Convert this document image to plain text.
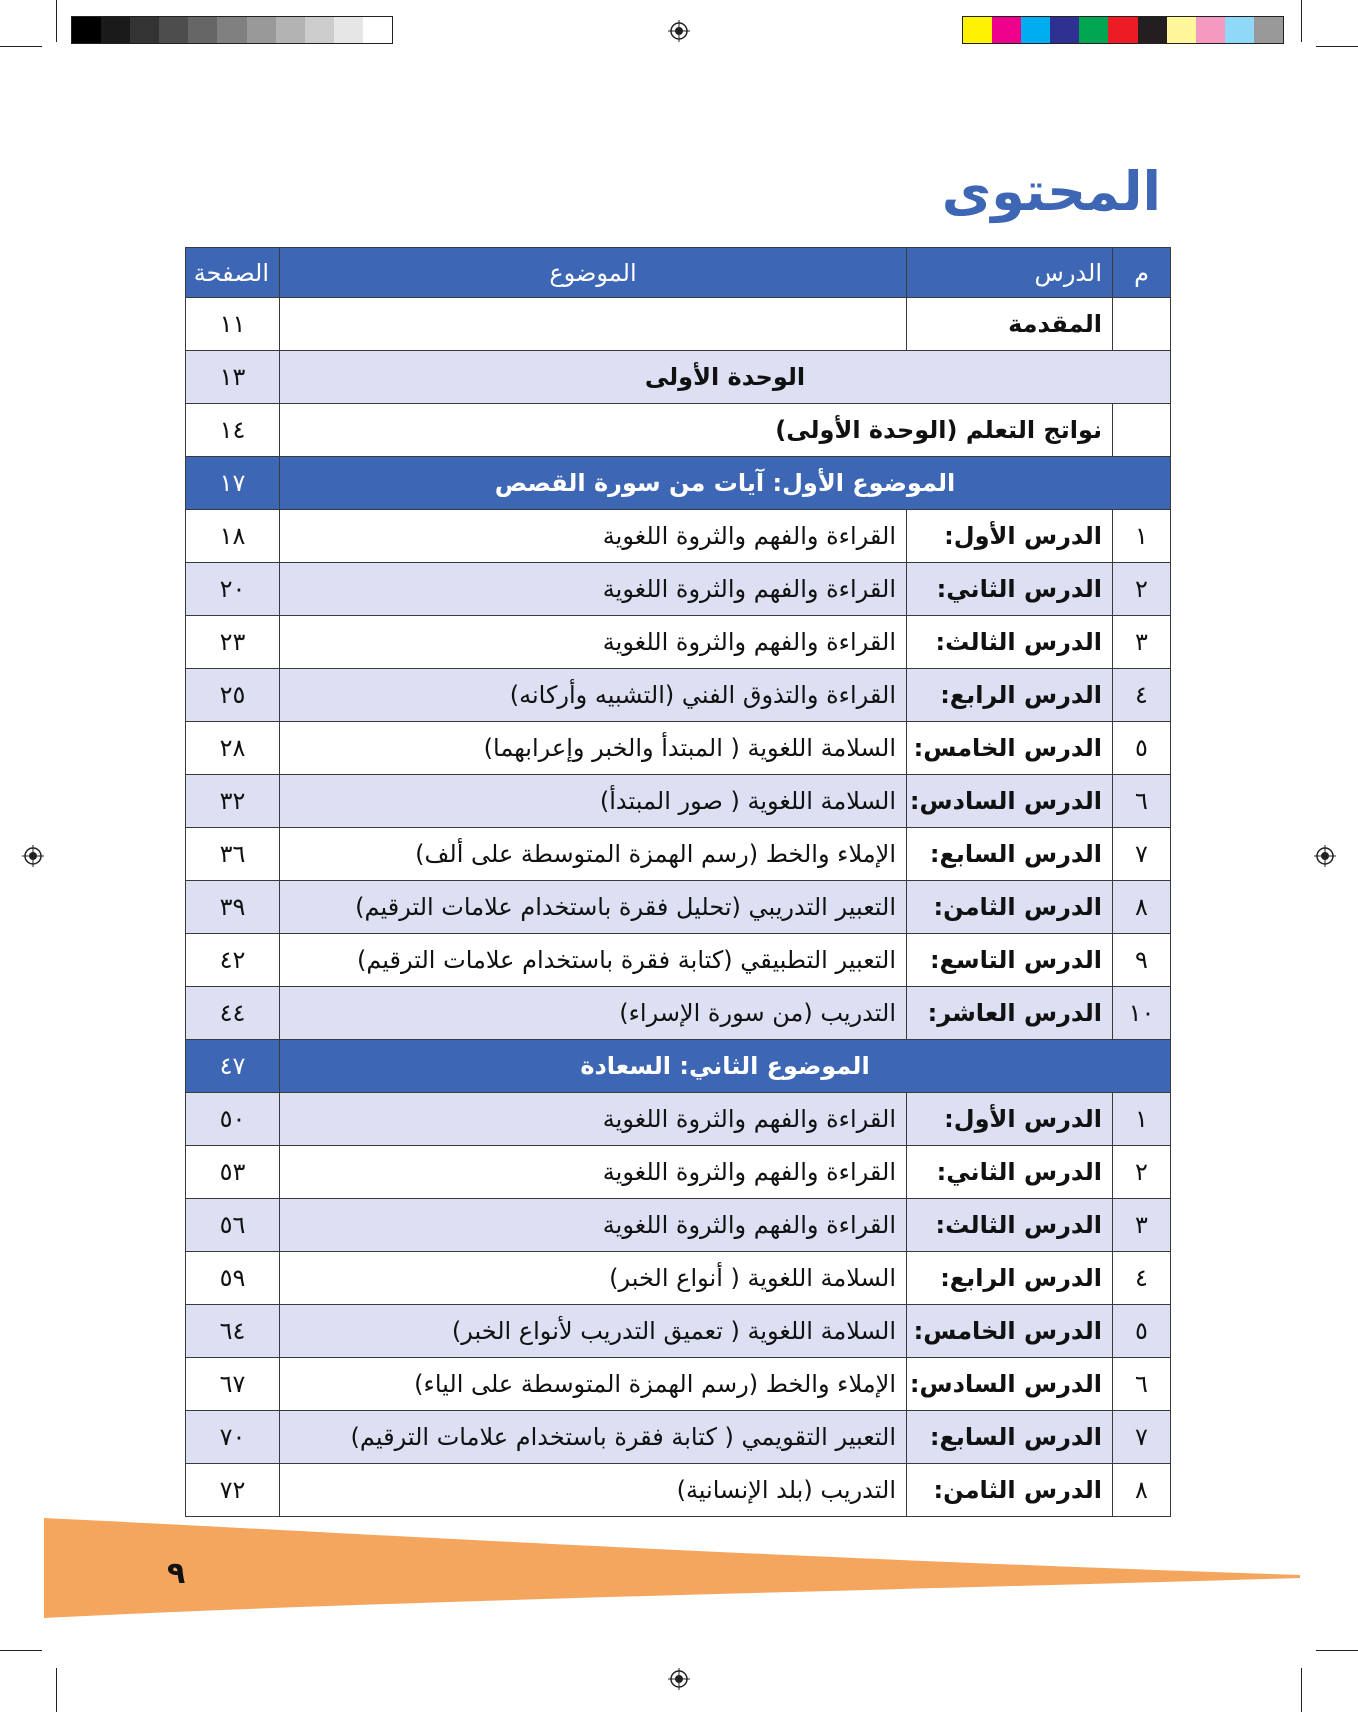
المحتوى
م	الدرس	الموضوع	الصفحة
	المقدمة		١١
الوحدة الأولى			١٣
	نواتج التعلم (الوحدة الأولى)		١٤
الموضوع الأول: آيات من سورة القصص			١٧
١	الدرس الأول:	القراءة والفهم والثروة اللغوية	١٨
٢	الدرس الثاني:	القراءة والفهم والثروة اللغوية	٢٠
٣	الدرس الثالث:	القراءة والفهم والثروة اللغوية	٢٣
٤	الدرس الرابع:	القراءة والتذوق الفني (التشبيه وأركانه)	٢٥
٥	الدرس الخامس:	السلامة اللغوية ( المبتدأ والخبر وإعرابهما)	٢٨
٦	الدرس السادس:	السلامة اللغوية ( صور المبتدأ)	٣٢
٧	الدرس السابع:	الإملاء والخط (رسم الهمزة المتوسطة على ألف)	٣٦
٨	الدرس الثامن:	التعبير التدريبي (تحليل فقرة باستخدام علامات الترقيم)	٣٩
٩	الدرس التاسع:	التعبير التطبيقي (كتابة فقرة باستخدام علامات الترقيم)	٤٢
١٠	الدرس العاشر:	التدريب (من سورة الإسراء)	٤٤
الموضوع الثاني: السعادة			٤٧
١	الدرس الأول:	القراءة والفهم والثروة اللغوية	٥٠
٢	الدرس الثاني:	القراءة والفهم والثروة اللغوية	٥٣
٣	الدرس الثالث:	القراءة والفهم والثروة اللغوية	٥٦
٤	الدرس الرابع:	السلامة اللغوية ( أنواع الخبر)	٥٩
٥	الدرس الخامس:	السلامة اللغوية ( تعميق التدريب لأنواع الخبر)	٦٤
٦	الدرس السادس:	الإملاء والخط (رسم الهمزة المتوسطة على الياء)	٦٧
٧	الدرس السابع:	التعبير التقويمي ( كتابة فقرة باستخدام علامات الترقيم)	٧٠
٨	الدرس الثامن:	التدريب (بلد الإنسانية)	٧٢
٩
